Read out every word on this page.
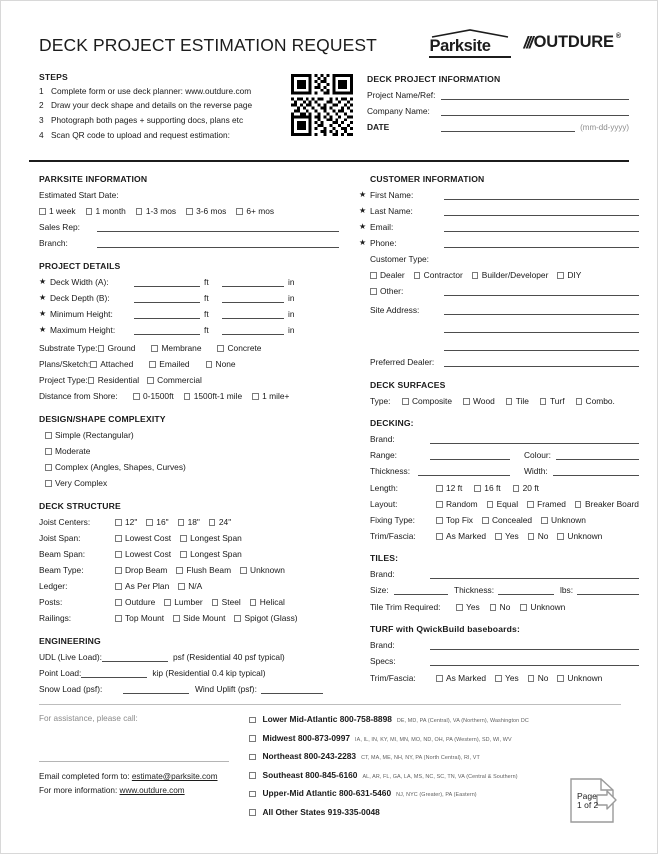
DECK PROJECT ESTIMATION REQUEST	Parksite	/// OUTDURE ®
STEPS
1 Complete form or use deck planner: www.outdure.com
2 Draw your deck shape and details on the reverse page
3 Photograph both pages + supporting docs, plans etc
4 Scan QR code to upload and request estimation:
DECK PROJECT INFORMATION
Project Name/Ref:
Company Name:
DATE	(mm-dd-yyyy)
PARKSITE INFORMATION
Estimated Start Date:
1 week 1 month 1-3 mos 3-6 mos 6+ mos
Sales Rep:
Branch:
PROJECT DETAILS
★ Deck Width (A):	ft	in
★ Deck Depth (B):	ft	in
★ Minimum Height:	ft	in
★ Maximum Height:	ft	in
Substrate Type: Ground	Membrane	Concrete
Plans/Sketch: Attached	Emailed	None
Project Type: Residential Commercial
Distance from Shore:	0-1500ft 1500ft-1 mile 1 mile+
DESIGN/SHAPE COMPLEXITY
Simple (Rectangular)
Moderate
Complex (Angles, Shapes, Curves)
Very Complex
DECK STRUCTURE
Joist Centers:	12" 16" 18" 24"
Joist Span:	Lowest Cost Longest Span
Beam Span:	Lowest Cost Longest Span
Beam Type:	Drop Beam Flush Beam Unknown
Ledger:	As Per Plan N/A
Posts:	Outdure Lumber Steel Helical
Railings:	Top Mount Side Mount Spigot (Glass)
ENGINEERING
UDL (Live Load):	psf (Residential 40 psf typical)
Point Load:	kip (Residential 0.4 kip typical)
Snow Load (psf):	Wind Uplift (psf):
CUSTOMER INFORMATION
★ First Name:
★ Last Name:
★ Email:
★ Phone:
Customer Type:
Dealer Contractor Builder/Developer DIY
Other:
Site Address:
Preferred Dealer:
DECK SURFACES
Type:	Composite	Wood	Tile	Turf	Combo.
DECKING:
Brand:
Range:	Colour:
Thickness:	Width:
Length:	12 ft	16 ft	20 ft
Layout:	Random Equal Framed Breaker Board
Fixing Type:	Top Fix Concealed Unknown
Trim/Fascia:	As Marked Yes No Unknown
TILES:
Brand:
Size:	Thickness:	lbs:
Tile Trim Required:	Yes No Unknown
TURF with QwickBuild baseboards:
Brand:
Specs:
Trim/Fascia:	As Marked Yes No Unknown
For assistance, please call:
Email completed form to: estimate@parksite.com
For more information: www.outdure.com
Lower Mid-Atlantic 800-758-8898 DE, MD, PA (Central), VA (Northern), Washington DC
Midwest 800-873-0997 IA, IL, IN, KY, MI, MN, MO, ND, OH, PA (Western), SD, WI, WV
Northeast 800-243-2283 CT, MA, ME, NH, NY, PA (North Central), RI, VT
Southeast 800-845-6160 AL, AR, FL, GA, LA, MS, NC, SC, TN, VA (Central & Southern)
Upper-Mid Atlantic 800-631-5460 NJ, NYC (Greater), PA (Eastern)
All Other States 919-335-0048
Page
1 of 2
